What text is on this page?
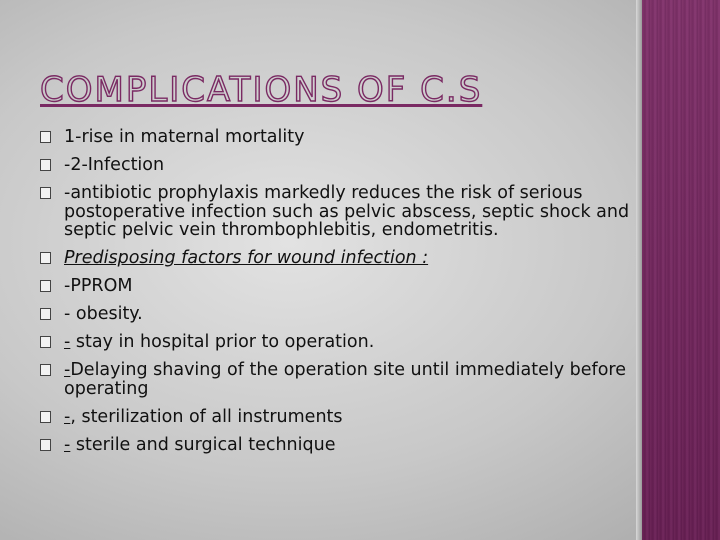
COMPLICATIONS OF C.S
1-rise in maternal mortality
-2-Infection
-antibiotic prophylaxis markedly reduces the risk of serious postoperative infection such as pelvic abscess, septic shock and septic pelvic vein thrombophlebitis, endometritis.
Predisposing factors for wound infection :
-PPROM
- obesity.
- stay in hospital prior to operation.
-Delaying shaving of the operation site until immediately before operating
-, sterilization of all instruments
- sterile and surgical technique
